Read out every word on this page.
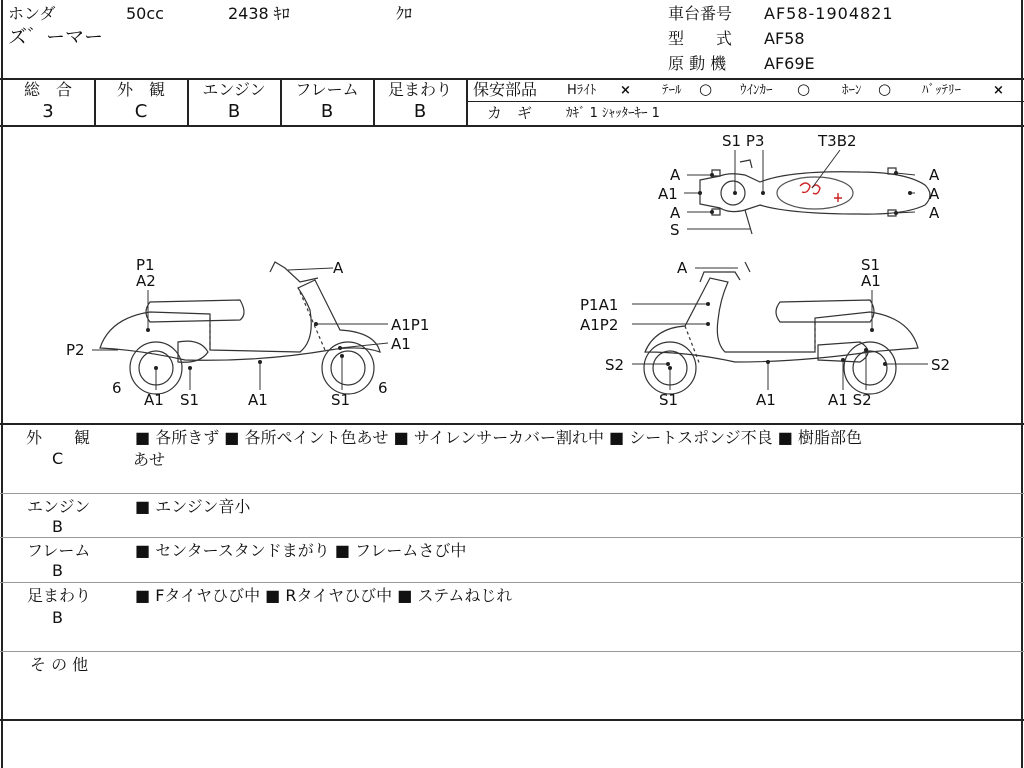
ホンダ	50cc	2438 ｷﾛ	ｸﾛ
ズ゛ーマー
車台番号 AF58-1904821
型　　式 AF58
原 動 機 AF69E
総　合
3
外　観
C
エンジン
B
フレーム
B
足まわり
B
保安部品 Hﾗｲﾄ × ﾃｰﾙ ○ ｳｲﾝｶｰ ○ ﾎｰﾝ ○ ﾊﾞｯﾃﾘｰ ×
カ　ギ	ｶｷﾞ 1 ｼｬｯﾀｰｷｰ 1
S1 P3	T3B2
A
A1
A
S
A
A
A
P1
A2
A
A1P1
A1
P2
6	6
A1 S1	A1	S1
A	S1
A1
P1A1
A1P2
S2	S2
S1	A1	A1 S2
外　　観
C
■ 各所きず ■ 各所ペイント色あせ ■ サイレンサーカバー割れ中 ■ シートスポンジ不良 ■ 樹脂部色
あせ
エンジン
B
■ エンジン音小
フレーム
B
■ センタースタンドまがり ■ フレームさび中
足まわり
B
■ Fタイヤひび中 ■ Rタイヤひび中 ■ ステムねじれ
そ の 他
